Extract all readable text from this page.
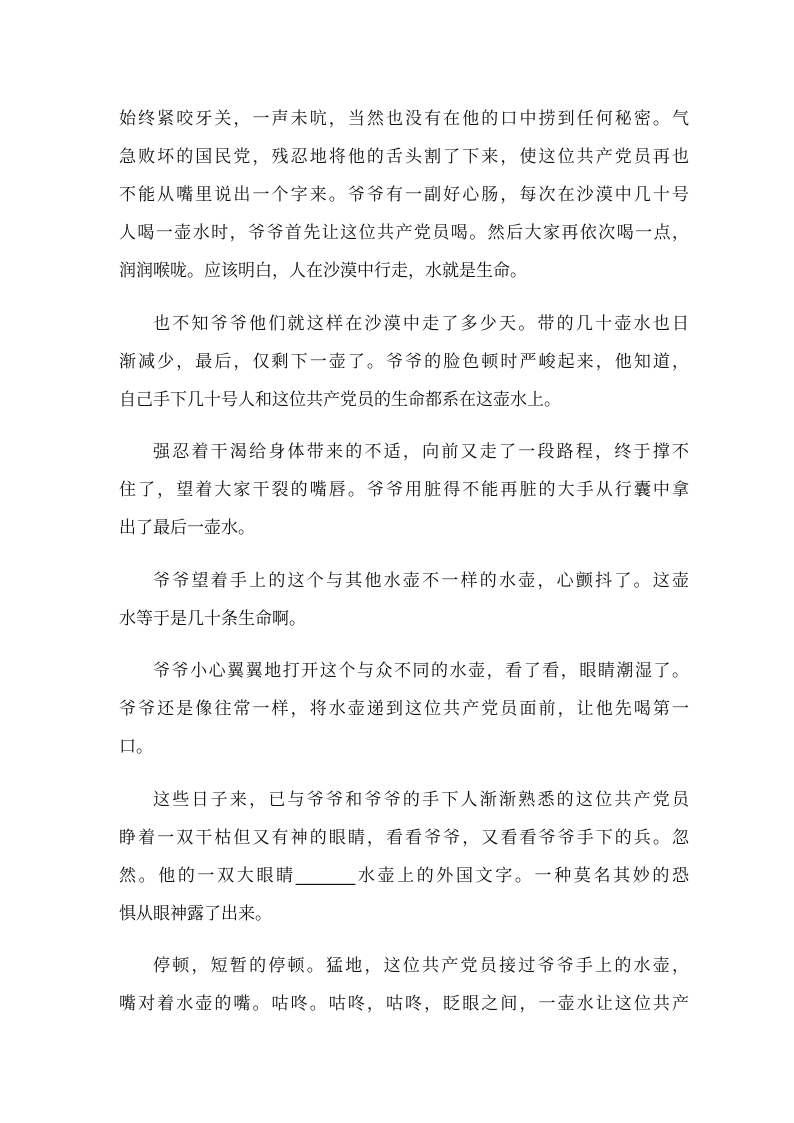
始终紧咬牙关，一声未吭，当然也没有在他的口中捞到任何秘密。气
急败坏的国民党，残忍地将他的舌头割了下来，使这位共产党员再也
不能从嘴里说出一个字来。爷爷有一副好心肠，每次在沙漠中几十号
人喝一壶水时，爷爷首先让这位共产党员喝。然后大家再依次喝一点，
润润喉咙。应该明白，人在沙漠中行走，水就是生命。
也不知爷爷他们就这样在沙漠中走了多少天。带的几十壶水也日
渐减少，最后，仅剩下一壶了。爷爷的脸色顿时严峻起来，他知道，
自己手下几十号人和这位共产党员的生命都系在这壶水上。
强忍着干渴给身体带来的不适，向前又走了一段路程，终于撑不
住了，望着大家干裂的嘴唇。爷爷用脏得不能再脏的大手从行囊中拿
出了最后一壶水。
爷爷望着手上的这个与其他水壶不一样的水壶，心颤抖了。这壶
水等于是几十条生命啊。
爷爷小心翼翼地打开这个与众不同的水壶，看了看，眼睛潮湿了。
爷爷还是像往常一样，将水壶递到这位共产党员面前，让他先喝第一
口。
这些日子来，已与爷爷和爷爷的手下人渐渐熟悉的这位共产党员
睁着一双干枯但又有神的眼睛，看看爷爷，又看看爷爷手下的兵。忽
然。他的一双大眼睛_______水壶上的外国文字。一种莫名其妙的恐
惧从眼神露了出来。
停顿，短暂的停顿。猛地，这位共产党员接过爷爷手上的水壶，
嘴对着水壶的嘴。咕咚。咕咚，咕咚，眨眼之间，一壶水让这位共产
